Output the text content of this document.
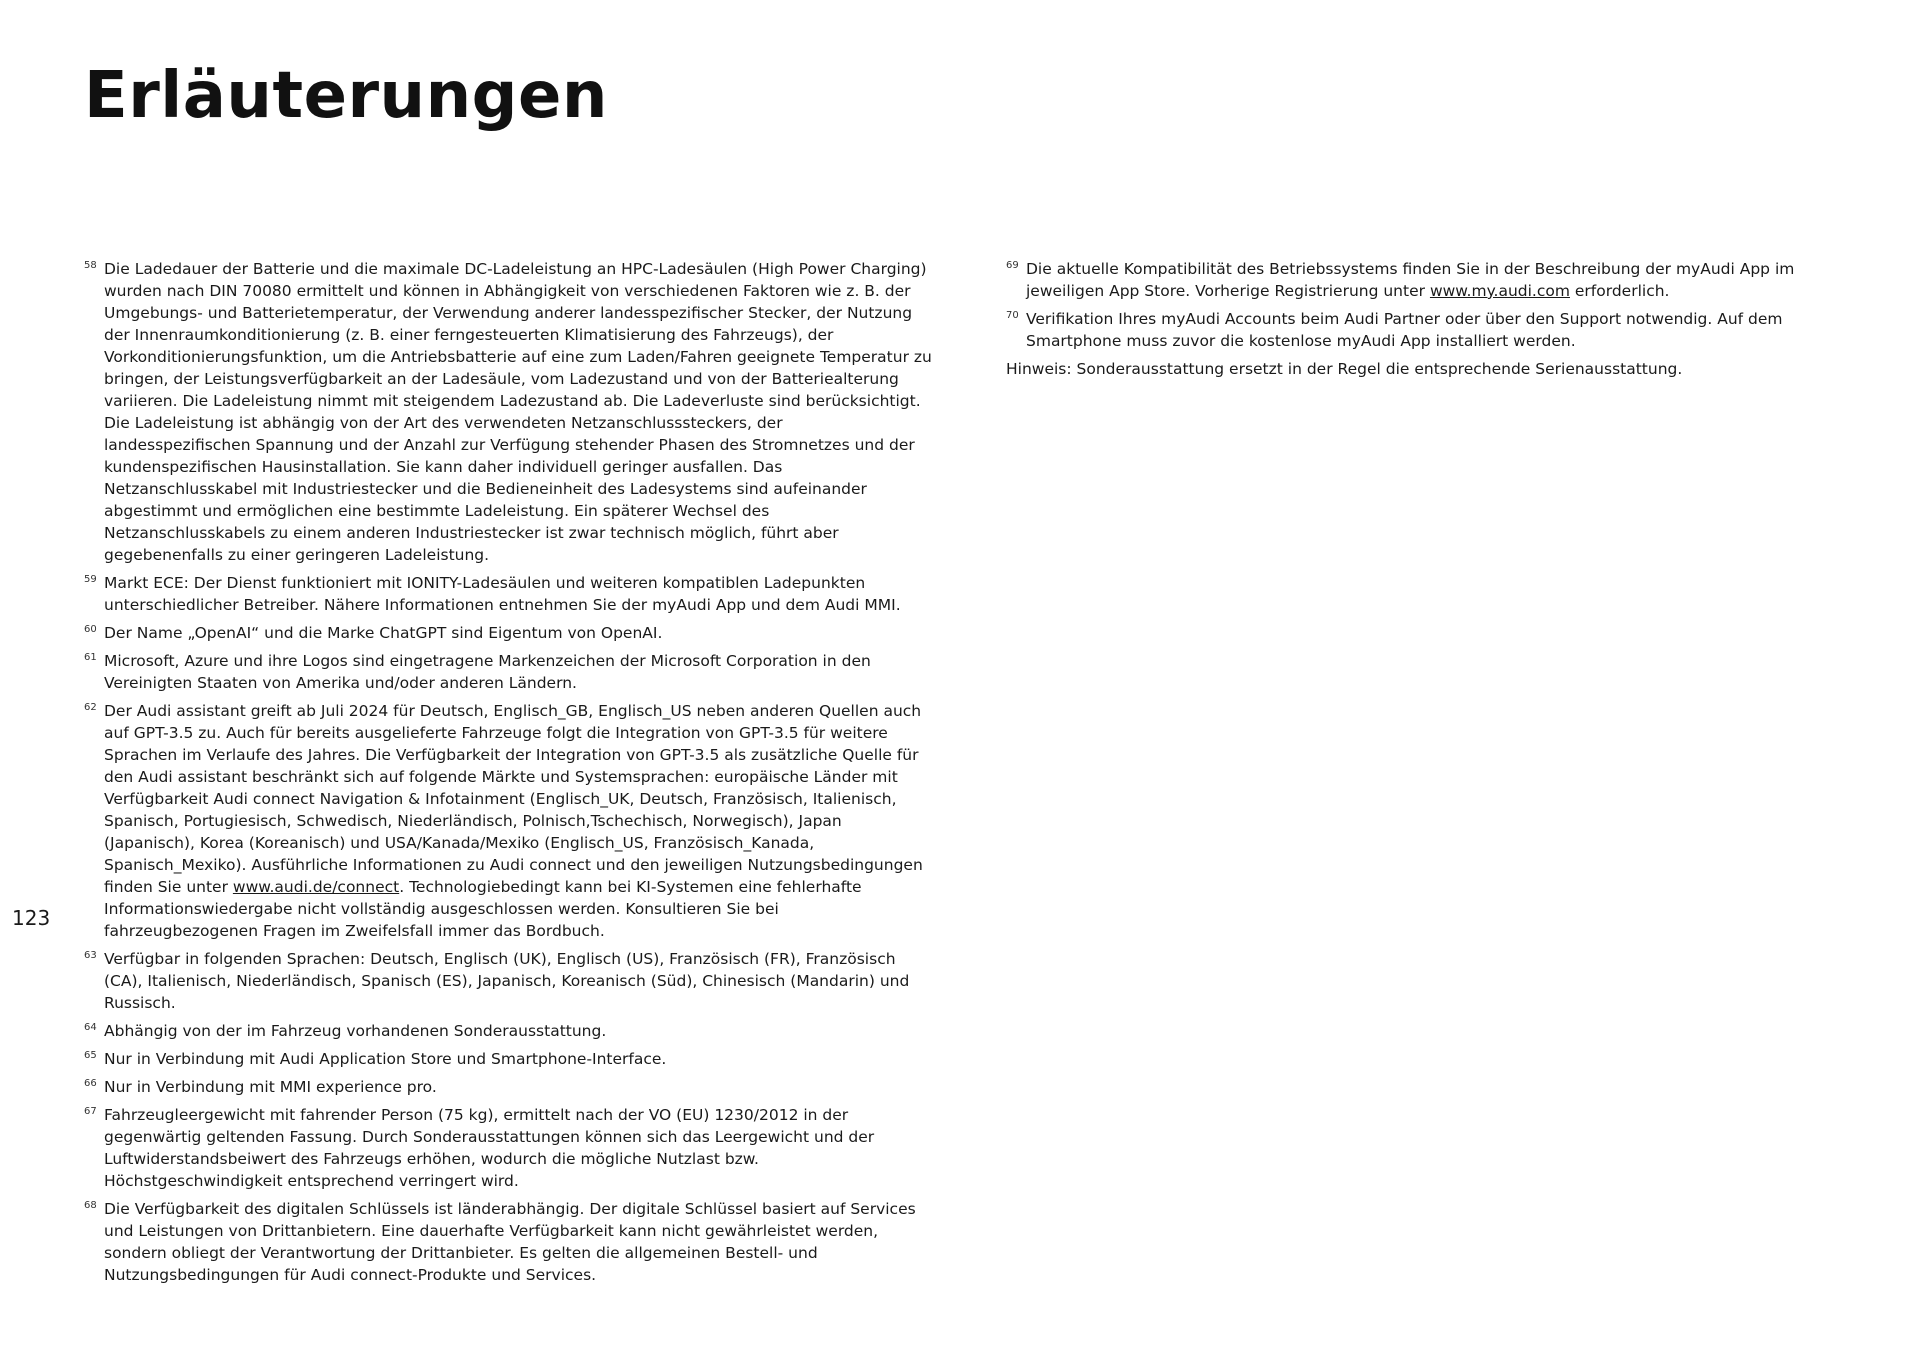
Erläuterungen
123
58 Die Ladedauer der Batterie und die maximale DC-Ladeleistung an HPC-Ladesäulen (High Power Charging) wurden nach DIN 70080 ermittelt und können in Abhängigkeit von verschiedenen Faktoren wie z. B. der Umgebungs- und Batterietemperatur, der Verwendung anderer landesspezifischer Stecker, der Nutzung der Innenraumkonditionierung (z. B. einer ferngesteuerten Klimatisierung des Fahrzeugs), der Vorkonditionierungsfunktion, um die Antriebsbatterie auf eine zum Laden/Fahren geeignete Temperatur zu bringen, der Leistungsverfügbarkeit an der Ladesäule, vom Ladezustand und von der Batteriealterung variieren. Die Ladeleistung nimmt mit steigendem Ladezustand ab. Die Ladeverluste sind berücksichtigt. Die Ladeleistung ist abhängig von der Art des verwendeten Netzanschlusssteckers, der landesspezifischen Spannung und der Anzahl zur Verfügung stehender Phasen des Stromnetzes und der kundenspezifischen Hausinstallation. Sie kann daher individuell geringer ausfallen. Das Netzanschlusskabel mit Industriestecker und die Bedieneinheit des Ladesystems sind aufeinander abgestimmt und ermöglichen eine bestimmte Ladeleistung. Ein späterer Wechsel des Netzanschlusskabels zu einem anderen Industriestecker ist zwar technisch möglich, führt aber gegebenenfalls zu einer geringeren Ladeleistung.
59 Markt ECE: Der Dienst funktioniert mit IONITY-Ladesäulen und weiteren kompatiblen Ladepunkten unterschiedlicher Betreiber. Nähere Informationen entnehmen Sie der myAudi App und dem Audi MMI.
60 Der Name „OpenAI“ und die Marke ChatGPT sind Eigentum von OpenAI.
61 Microsoft, Azure und ihre Logos sind eingetragene Markenzeichen der Microsoft Corporation in den Vereinigten Staaten von Amerika und/oder anderen Ländern.
62 Der Audi assistant greift ab Juli 2024 für Deutsch, Englisch_GB, Englisch_US neben anderen Quellen auch auf GPT-3.5 zu. Auch für bereits ausgelieferte Fahrzeuge folgt die Integration von GPT-3.5 für weitere Sprachen im Verlaufe des Jahres. Die Verfügbarkeit der Integration von GPT-3.5 als zusätzliche Quelle für den Audi assistant beschränkt sich auf folgende Märkte und Systemsprachen: europäische Länder mit Verfügbarkeit Audi connect Navigation & Infotainment (Englisch_UK, Deutsch, Französisch, Italienisch, Spanisch, Portugiesisch, Schwedisch, Niederländisch, Polnisch,Tschechisch, Norwegisch), Japan (Japanisch), Korea (Koreanisch) und USA/Kanada/Mexiko (Englisch_US, Französisch_Kanada, Spanisch_Mexiko). Ausführliche Informationen zu Audi connect und den jeweiligen Nutzungsbedingungen finden Sie unter www.audi.de/connect. Technologiebedingt kann bei KI-Systemen eine fehlerhafte Informationswiedergabe nicht vollständig ausgeschlossen werden. Konsultieren Sie bei fahrzeugbezogenen Fragen im Zweifelsfall immer das Bordbuch.
63 Verfügbar in folgenden Sprachen: Deutsch, Englisch (UK), Englisch (US), Französisch (FR), Französisch (CA), Italienisch, Niederländisch, Spanisch (ES), Japanisch, Koreanisch (Süd), Chinesisch (Mandarin) und Russisch.
64 Abhängig von der im Fahrzeug vorhandenen Sonderausstattung.
65 Nur in Verbindung mit Audi Application Store und Smartphone-Interface.
66 Nur in Verbindung mit MMI experience pro.
67 Fahrzeugleergewicht mit fahrender Person (75 kg), ermittelt nach der VO (EU) 1230/2012 in der gegenwärtig geltenden Fassung. Durch Sonderausstattungen können sich das Leergewicht und der Luftwiderstandsbeiwert des Fahrzeugs erhöhen, wodurch die mögliche Nutzlast bzw. Höchstgeschwindigkeit entsprechend verringert wird.
68 Die Verfügbarkeit des digitalen Schlüssels ist länderabhängig. Der digitale Schlüssel basiert auf Services und Leistungen von Drittanbietern. Eine dauerhafte Verfügbarkeit kann nicht gewährleistet werden, sondern obliegt der Verantwortung der Drittanbieter. Es gelten die allgemeinen Bestell- und Nutzungsbedingungen für Audi connect-Produkte und Services.
69 Die aktuelle Kompatibilität des Betriebssystems finden Sie in der Beschreibung der myAudi App im jeweiligen App Store. Vorherige Registrierung unter www.my.audi.com erforderlich.
70 Verifikation Ihres myAudi Accounts beim Audi Partner oder über den Support notwendig. Auf dem Smartphone muss zuvor die kostenlose myAudi App installiert werden.

Hinweis: Sonderausstattung ersetzt in der Regel die entsprechende Serienausstattung.
